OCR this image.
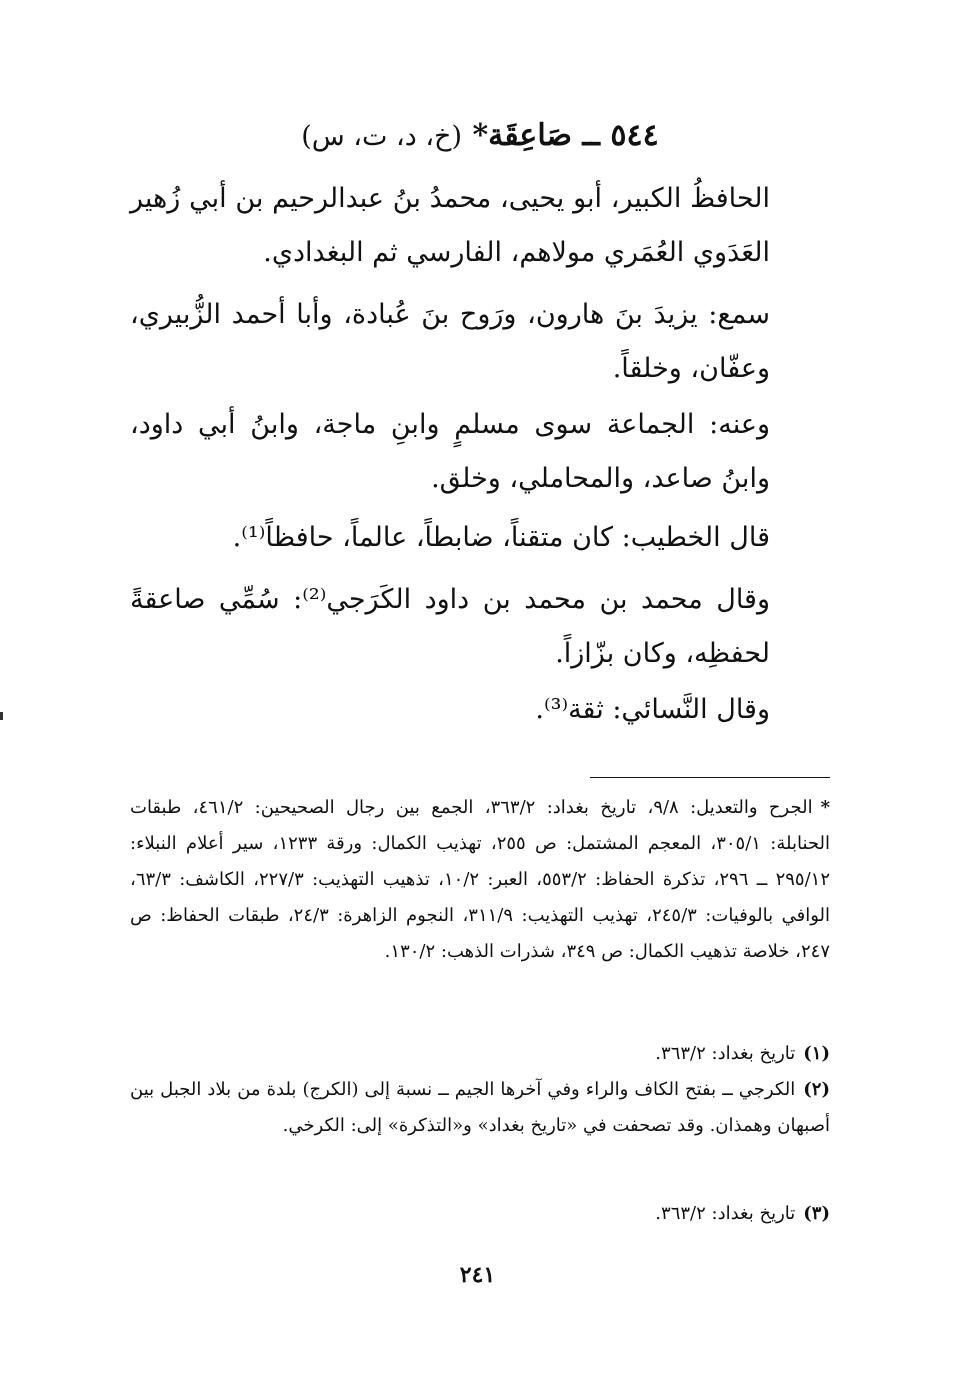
٥٤٤ ــ صَاعِقَة* (خ، د، ت، س)
الحافظُ الكبير، أبو يحيى، محمدُ بنُ عبدالرحيم بن أبي زُهير العَدَوي العُمَري مولاهم، الفارسي ثم البغدادي.
سمع: يزيدَ بنَ هارون، ورَوح بنَ عُبادة، وأبا أحمد الزُّبيري، وعفّان، وخلقاً.
وعنه: الجماعة سوى مسلمٍ وابنِ ماجة، وابنُ أبي داود، وابنُ صاعد، والمحاملي، وخلق.
قال الخطيب: كان متقناً، ضابطاً، عالماً، حافظاً⁽¹⁾.
وقال محمد بن محمد بن داود الكَرَجي⁽²⁾: سُمِّي صاعقةً لحفظِه، وكان بزّازاً.
وقال النَّسائي: ثقة⁽³⁾.
*الجرح والتعديل: ٩/٨، تاريخ بغداد: ٣٦٣/٢، الجمع بين رجال الصحيحين: ٤٦١/٢، طبقات الحنابلة: ٣٠٥/١، المعجم المشتمل: ص ٢٥٥، تهذيب الكمال: ورقة ١٢٣٣، سير أعلام النبلاء: ٢٩٥/١٢ ــ ٢٩٦، تذكرة الحفاظ: ٥٥٣/٢، العبر: ١٠/٢، تذهيب التهذيب: ٢٢٧/٣، الكاشف: ٦٣/٣، الوافي بالوفيات: ٢٤٥/٣، تهذيب التهذيب: ٣١١/٩، النجوم الزاهرة: ٢٤/٣، طبقات الحفاظ: ص ٢٤٧، خلاصة تذهيب الكمال: ص ٣٤٩، شذرات الذهب: ١٣٠/٢.
(١)تاريخ بغداد: ٣٦٣/٢.
(٢)الكرجي ــ بفتح الكاف والراء وفي آخرها الجيم ــ نسبة إلى (الكرج) بلدة من بلاد الجبل بين أصبهان وهمذان. وقد تصحفت في «تاريخ بغداد» و«التذكرة» إلى: الكرخي.
(٣)تاريخ بغداد: ٣٦٣/٢.
٢٤١
